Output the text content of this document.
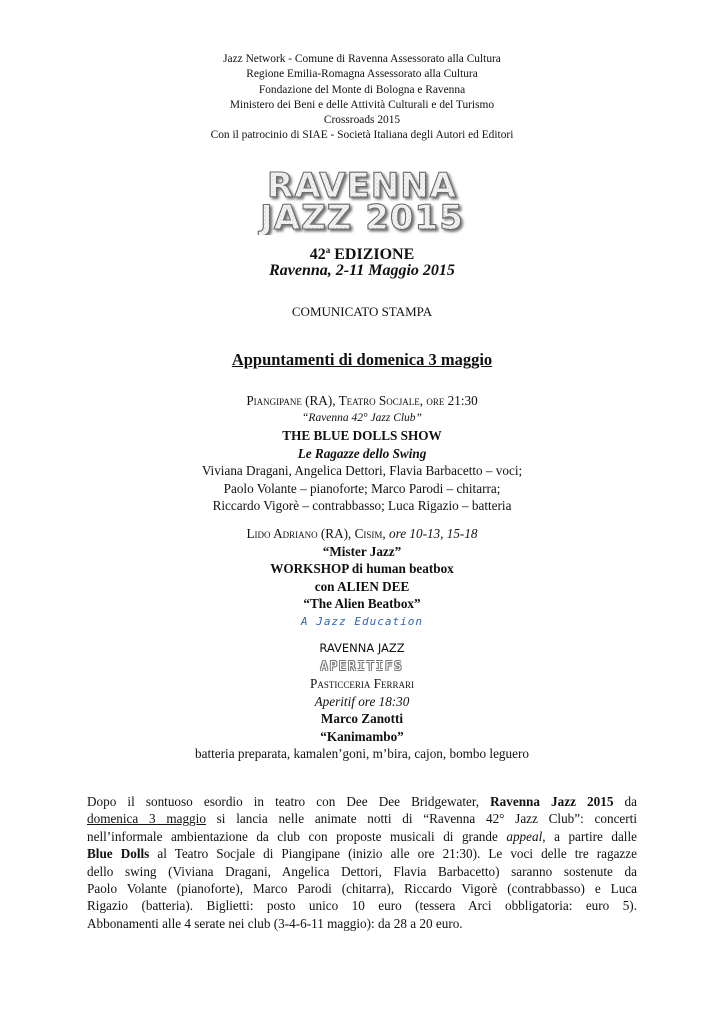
Jazz Network - Comune di Ravenna Assessorato alla Cultura
Regione Emilia-Romagna Assessorato alla Cultura
Fondazione del Monte di Bologna e Ravenna
Ministero dei Beni e delle Attività Culturali e del Turismo
Crossroads 2015
Con il patrocinio di SIAE - Società Italiana degli Autori ed Editori
RAVENNA
JAZZ 2015
42$^a$ EDIZIONE
Ravenna, 2-11 Maggio 2015
COMUNICATO STAMPA
Appuntamenti di domenica 3 maggio
Piangipane (RA), Teatro Socjale, ore 21:30
“Ravenna 42° Jazz Club”
THE BLUE DOLLS SHOW
Le Ragazze dello Swing
Viviana Dragani, Angelica Dettori, Flavia Barbacetto – voci;
Paolo Volante – pianoforte; Marco Parodi – chitarra;
Riccardo Vigorè – contrabbasso; Luca Rigazio – batteria
Lido Adriano (RA), Cisim, ore 10-13, 15-18
“Mister Jazz”
WORKSHOP di human beatbox
con ALIEN DEE
“The Alien Beatbox”
A Jazz Education
RAVENNA JAZZ
APERITIFS
Pasticceria Ferrari
Aperitif ore 18:30
Marco Zanotti
“Kanimambo”
batteria preparata, kamalen’goni, m’bira, cajon, bombo leguero
Dopo il sontuoso esordio in teatro con Dee Dee Bridgewater, Ravenna Jazz 2015 da
domenica 3 maggio si lancia nelle animate notti di “Ravenna 42° Jazz Club”: concerti
nell’informale ambientazione da club con proposte musicali di grande appeal, a partire dalle
Blue Dolls al Teatro Socjale di Piangipane (inizio alle ore 21:30). Le voci delle tre ragazze
dello swing (Viviana Dragani, Angelica Dettori, Flavia Barbacetto) saranno sostenute da
Paolo Volante (pianoforte), Marco Parodi (chitarra), Riccardo Vigorè (contrabbasso) e Luca
Rigazio (batteria). Biglietti: posto unico 10 euro (tessera Arci obbligatoria: euro 5).
Abbonamenti alle 4 serate nei club (3-4-6-11 maggio): da 28 a 20 euro.
